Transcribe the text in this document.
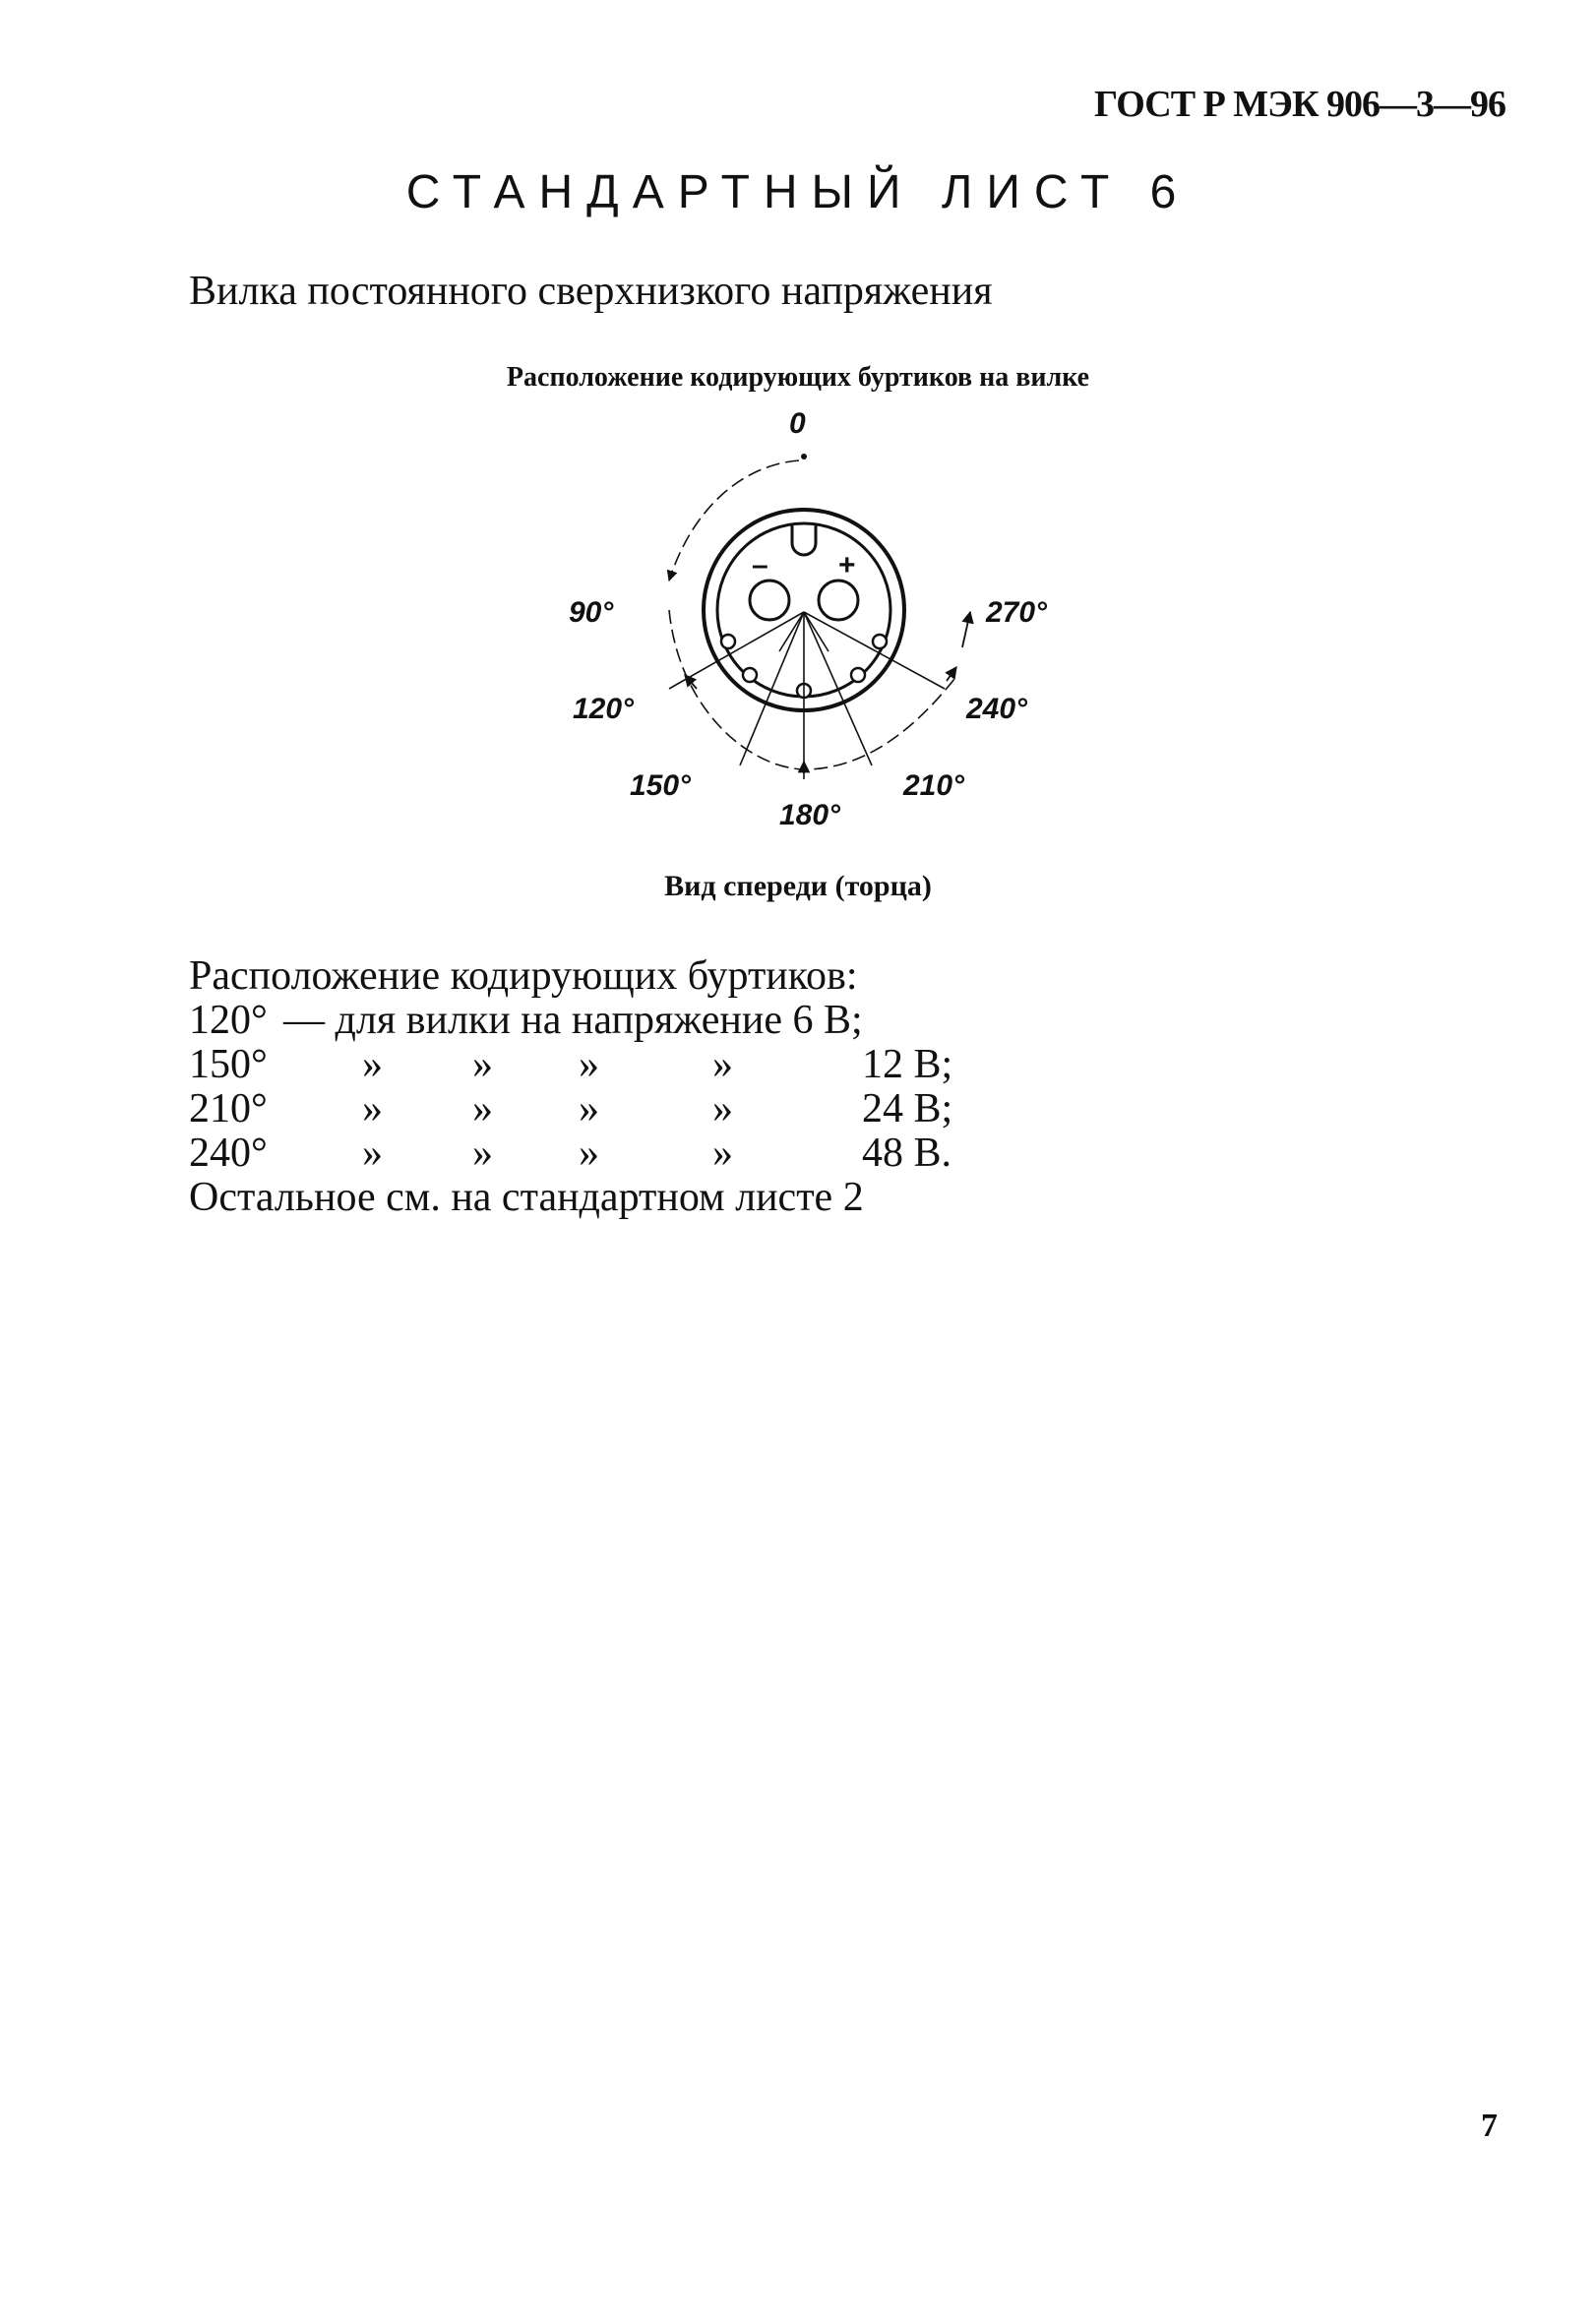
ГОСТ Р МЭК 906—3—96
СТАНДАРТНЫЙ ЛИСТ 6
Вилка постоянного сверхнизкого напряжения
Расположение кодирующих буртиков на вилке
– +
0
90°
120°
150°
180°
210°
240°
270°
Вид спереди (торца)
Расположение кодирующих буртиков:
120° — для вилки на напряжение 6 В;
150° » » »	»	12 В;
210° » » »	»	24 В;
240° » » »	»	48 В.
Остальное см. на стандартном листе 2
7
